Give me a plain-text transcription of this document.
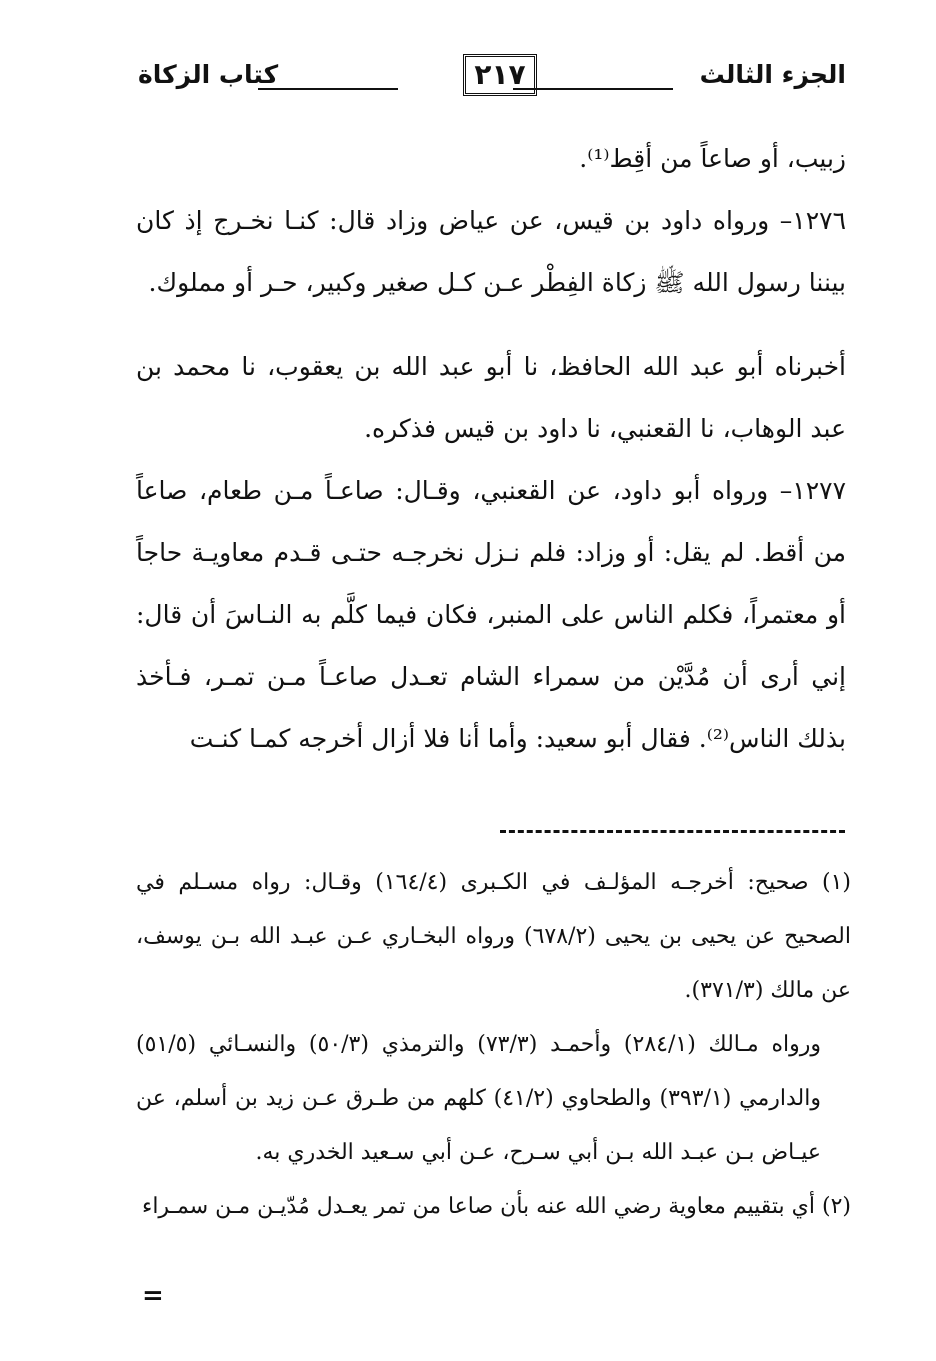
كتاب الزكاة	٢١٧	الجزء الثالث

زبيب، أو صاعاً من أقِط⁽¹⁾.

١٢٧٦– ورواه داود بن قيس، عن عياض وزاد قال: كنـا نخـرج إذ كان بيننا رسول الله ﷺ زكاة الفِطْر عـن كـل صغير وكبير، حـر أو مملوك.

أخبرناه أبو عبد الله الحافظ، نا أبو عبد الله بن يعقوب، نا محمد بن عبد الوهاب، نا القعنبي، نا داود بن قيس فذكره.

١٢٧٧– ورواه أبو داود، عن القعنبي، وقـال: صاعـاً مـن طعام، صاعاً من أقط. لم يقل: أو وزاد: فلم نـزل نخرجـه حتـى قـدم معاويـة حاجاً أو معتمراً، فكلم الناس على المنبر، فكان فيما كلَّم به النـاسَ أن قال: إني أرى أن مُدَّيْن من سمراء الشام تعـدل صاعـاً مـن تمـر، فـأخذ بذلك الناس⁽²⁾. فقال أبو سعيد: وأما أنا فلا أزال أخرجه كمـا كنـت

(١) صحيح: أخرجـه المؤلـف في الكـبرى (١٦٤/٤) وقـال: رواه مسـلم في الصحيح عن يحيى بن يحيى (٦٧٨/٢) ورواه البخـاري عـن عبـد الله بـن يوسف، عن مالك (٣٧١/٣).

ورواه مـالك (٢٨٤/١) وأحمـد (٧٣/٣) والترمذي (٥٠/٣) والنسـائي (٥١/٥) والدارمي (٣٩٣/١) والطحاوي (٤١/٢) كلهم من طـرق عـن زيد بن أسلم، عن عيـاض بـن عبـد الله بـن أبي سـرح، عـن أبي سـعيد الخدري به.

(٢) أي بتقييم معاوية رضي الله عنه بأن صاعا من تمر يعـدل مُدّيـن مـن سمـراء

=
